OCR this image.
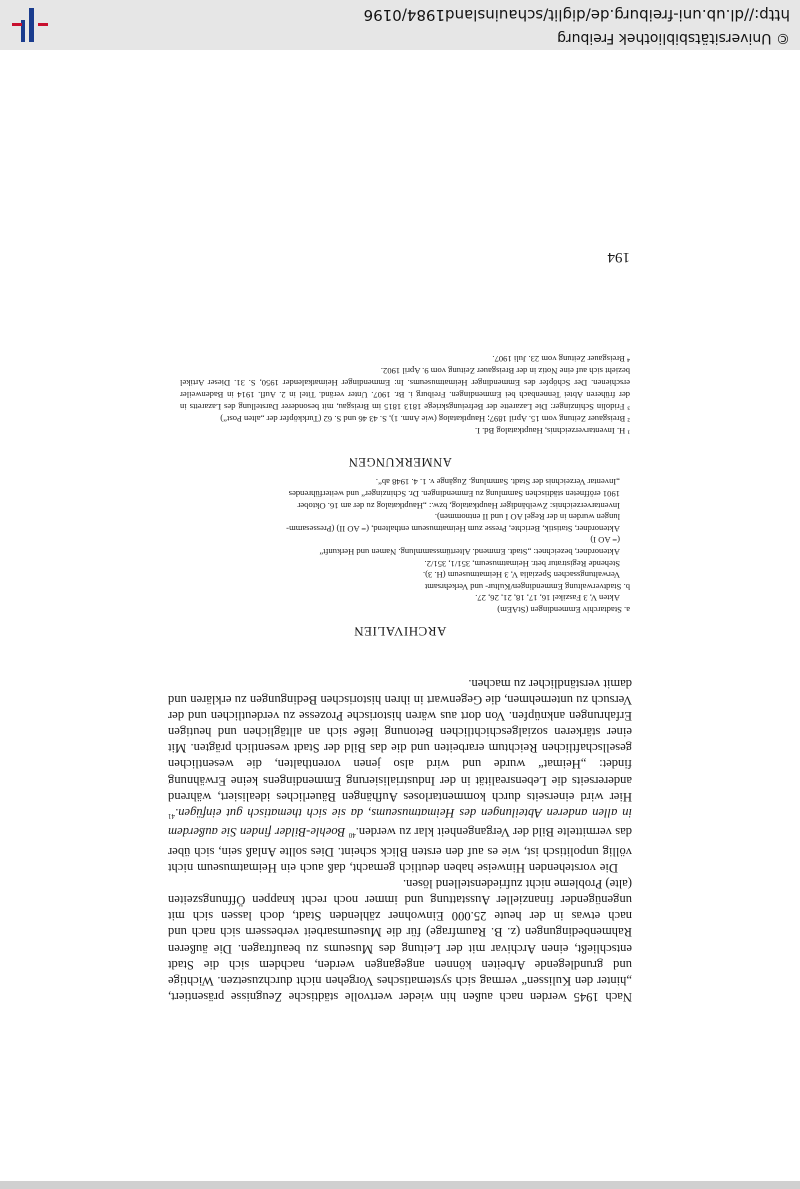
Nach 1945 werden nach außen hin wieder wertvolle städtische Zeugnisse präsentiert, „hinter den Kulissen“ vermag sich systematisches Vorgehen nicht durchzusetzen. Wichtige und grundlegende Arbeiten können angegangen werden, nachdem sich die Stadt entschließt, einen Archivar mit der Leitung des Museums zu beauftragen. Die äußeren Rahmenbedingungen (z. B. Raumfrage) für die Museumsarbeit verbessern sich nach und nach etwas in der heute 25.000 Einwohner zählenden Stadt, doch lassen sich mit ungenügender finanzieller Ausstattung und immer noch recht knappen Öffnungszeiten (alte) Probleme nicht zufriedenstellend lösen.

Die vorstehenden Hinweise haben deutlich gemacht, daß auch ein Heimatmuseum nicht völlig unpolitisch ist, wie es auf den ersten Blick scheint. Dies sollte Anlaß sein, sich über das vermittelte Bild der Vergangenheit klar zu werden.$^{40}$ Boehle-Bilder finden Sie außerdem in allen anderen Abteilungen des Heimatmuseums, da sie sich thematisch gut einfügen.$^{41}$ Hier wird einerseits durch kommentarloses Aufhängen Bäuerliches idealisiert, während andererseits die Lebensrealität in der Industrialisierung Emmendingens keine Erwähnung findet: „Heimat“ wurde und wird also jenen vorenthalten, die wesentlichen gesellschaftlichen Reichtum erarbeiten und die das Bild der Stadt wesentlich prägten. Mit einer stärkeren sozialgeschichtlichen Betonung ließe sich an alltäglichen und heutigen Erfahrungen anknüpfen. Von dort aus wären historische Prozesse zu verdeutlichen und der Versuch zu unternehmen, die Gegenwart in ihren historischen Bedingungen zu erklären und damit verständlicher zu machen.

ARCHIVALIEN

a. Stadtarchiv Emmendingen (StAEm)

Akten V, 3 Faszikel 16, 17, 18, 21, 26, 27.

b. Stadtverwaltung Emmendingen/Kultur- und Verkehrsamt

Verwaltungssachen Spezialia V, 3 Heimatmuseum (H. 3).

Stehende Registratur betr. Heimatmuseum, 351/1, 351/2.

Aktenordner, bezeichnet: „Stadt. Emmend. Altertümssammlung. Namen und Herkunft“

(= AO I)

Aktenordner, Statistik, Berichte, Presse zum Heimatmuseum enthaltend, (= AO II) (Pressesamm-

lungen wurden in der Regel AO I und II entnommen).

Inventarverzeichnis: Zweibändiger Hauptkatalog, bzw.: „Hauptkatalog zu der am 16. Oktober

1901 eröffneten städtischen Sammlung zu Emmendingen. Dr. Schinzinger“ und weiterführendes

„Inventar Verzeichnis der Stadt. Sammlung. Zugänge v. 1. 4. 1948 ab“.

ANMERKUNGEN

¹ H. Inventarverzeichnis, Hauptkatalog Bd. I.

² Breisgauer Zeitung vom 15. April 1897; Hauptkatalog (wie Anm. 1), S. 43 46 und S. 62 (Turkköpfer der „alten Post“)

³ Fridolin Schinzinger: Die Lazarette der Befreiungskriege 1813 1815 im Breisgau, mit besonderer Darstellung des Lazaretts in der früheren Abtei Tennenbach bei Emmendingen. Freiburg i. Br. 1907. Unter veränd. Titel in 2. Aufl. 1914 in Badenweiler erschienen. Der Schöpfer des Emmendinger Heimatmuseums. In: Emmendinger Heimatkalender 1950, S. 31. Dieser Artikel bezieht sich auf eine Notiz in der Breisgauer Zeitung vom 9. April 1902.

⁴ Breisgauer Zeitung vom 23. Juli 1907.

194
© Universitätsbibliothek Freiburg
http://dl.ub.uni-freiburg.de/diglit/schauinsland1984/0196
